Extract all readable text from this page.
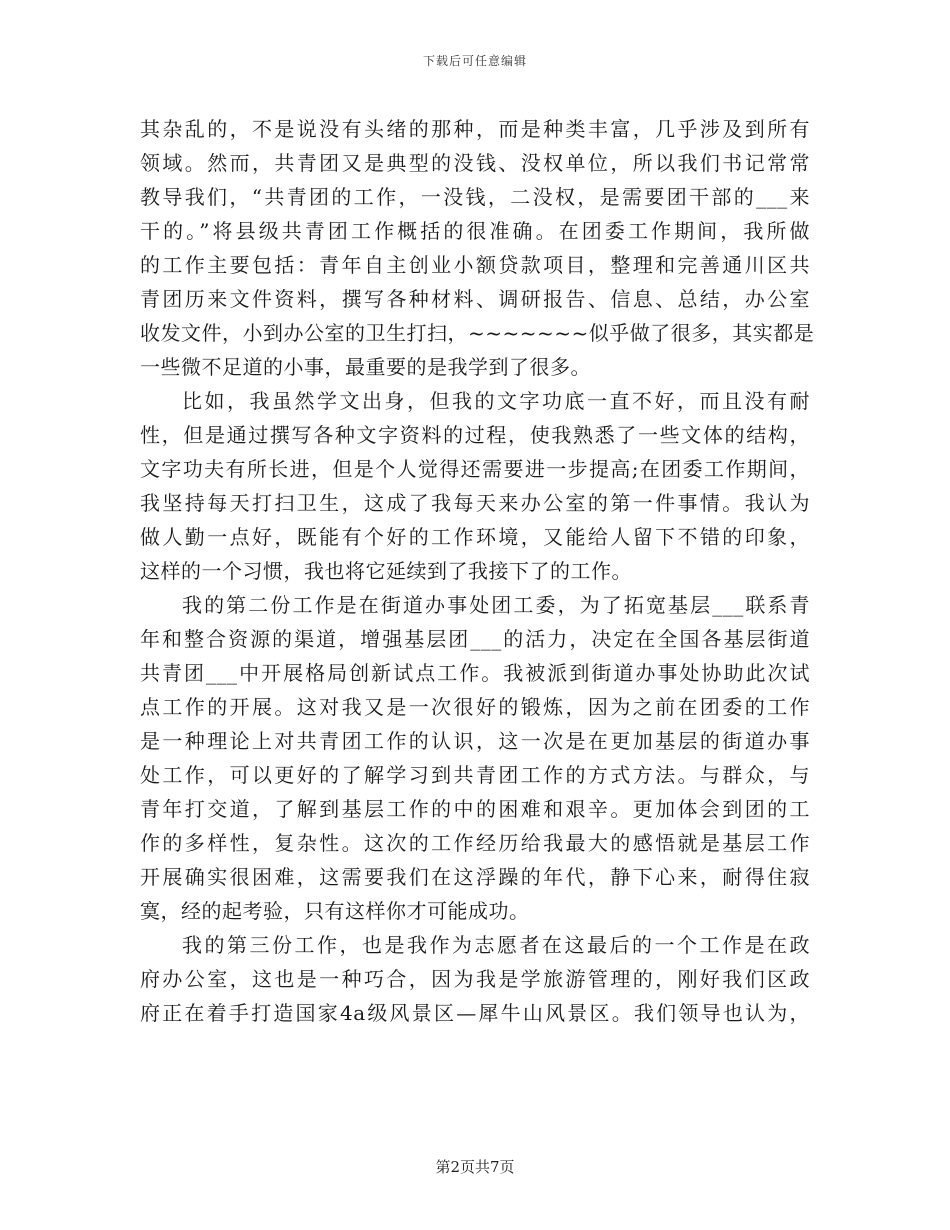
下载后可任意编辑
其杂乱的，不是说没有头绪的那种，而是种类丰富，几乎涉及到所有
领域。然而，共青团又是典型的没钱、没权单位，所以我们书记常常
教导我们，“共青团的工作，一没钱，二没权，是需要团干部的___来
干的。”将县级共青团工作概括的很准确。在团委工作期间，我所做
的工作主要包括：青年自主创业小额贷款项目，整理和完善通川区共
青团历来文件资料，撰写各种材料、调研报告、信息、总结，办公室
收发文件，小到办公室的卫生打扫，~~~~~~~似乎做了很多，其实都是
一些微不足道的小事，最重要的是我学到了很多。
比如，我虽然学文出身，但我的文字功底一直不好，而且没有耐
性，但是通过撰写各种文字资料的过程，使我熟悉了一些文体的结构，
文字功夫有所长进，但是个人觉得还需要进一步提高;在团委工作期间，
我坚持每天打扫卫生，这成了我每天来办公室的第一件事情。我认为
做人勤一点好，既能有个好的工作环境，又能给人留下不错的印象，
这样的一个习惯，我也将它延续到了我接下了的工作。
我的第二份工作是在街道办事处团工委，为了拓宽基层___联系青
年和整合资源的渠道，增强基层团___的活力，决定在全国各基层街道
共青团___中开展格局创新试点工作。我被派到街道办事处协助此次试
点工作的开展。这对我又是一次很好的锻炼，因为之前在团委的工作
是一种理论上对共青团工作的认识，这一次是在更加基层的街道办事
处工作，可以更好的了解学习到共青团工作的方式方法。与群众，与
青年打交道，了解到基层工作的中的困难和艰辛。更加体会到团的工
作的多样性，复杂性。这次的工作经历给我最大的感悟就是基层工作
开展确实很困难，这需要我们在这浮躁的年代，静下心来，耐得住寂
寞，经的起考验，只有这样你才可能成功。
我的第三份工作，也是我作为志愿者在这最后的一个工作是在政
府办公室，这也是一种巧合，因为我是学旅游管理的，刚好我们区政
府正在着手打造国家4a级风景区—犀牛山风景区。我们领导也认为，
第2页共7页
